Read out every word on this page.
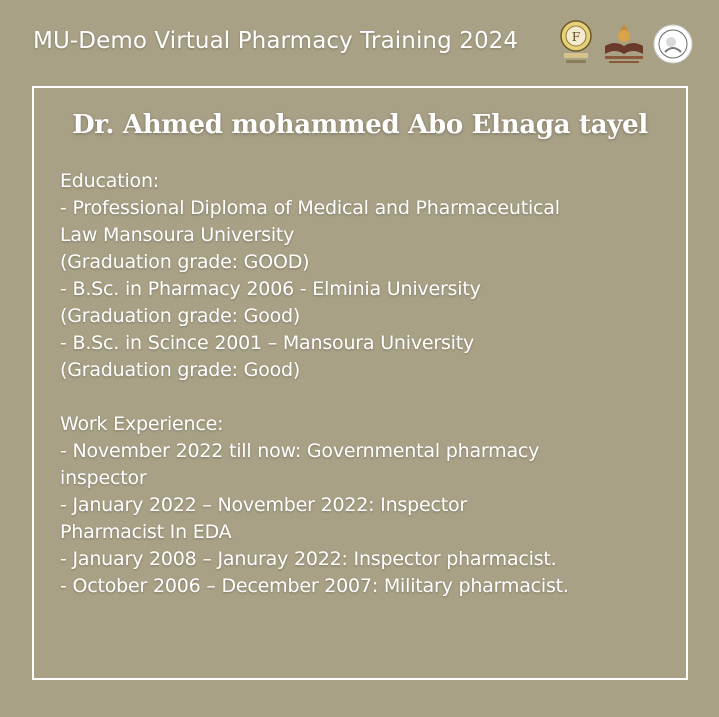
MU-Demo Virtual Pharmacy Training 2024	F
Dr. Ahmed mohammed Abo Elnaga tayel
Education:
- Professional Diploma of Medical and Pharmaceutical
Law Mansoura University
(Graduation grade: GOOD)
- B.Sc. in Pharmacy 2006 - Elminia University
(Graduation grade: Good)
- B.Sc. in Scince 2001 – Mansoura University
(Graduation grade: Good)
Work Experience:
- November 2022 till now: Governmental pharmacy
inspector
- January 2022 – November 2022: Inspector
Pharmacist In EDA
- January 2008 – Januray 2022: Inspector pharmacist.
- October 2006 – December 2007: Military pharmacist.
